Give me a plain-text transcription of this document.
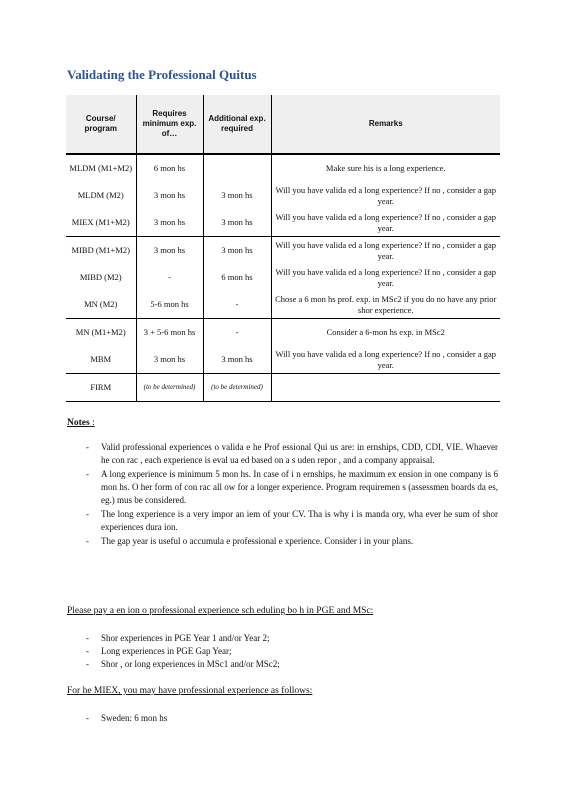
Validating the Professional Quitus
Course/ program	Requires minimum exp. of…	Additional exp. required	Remarks
MLDM (M1+M2)	6 mon hs		Make sure his is a long experience.
MLDM (M2)	3 mon hs	3 mon hs	Will you have valida ed a long experience? If no , consider a gap year.
MIEX (M1+M2)	3 mon hs	3 mon hs	Will you have valida ed a long experience? If no , consider a gap year.
MIBD (M1+M2)	3 mon hs	3 mon hs	Will you have valida ed a long experience? If no , consider a gap year.
MIBD (M2)	-	6 mon hs	Will you have valida ed a long experience? If no , consider a gap year.
MN (M2)	5-6 mon hs	-	Chose a 6 mon hs prof. exp. in MSc2 if you do no have any prior shor experience.
MN (M1+M2)	3 + 5-6 mon hs	-	Consider a 6-mon hs exp. in MSc2
MBM	3 mon hs	3 mon hs	Will you have valida ed a long experience? If no , consider a gap year.
FIRM	(to be determined)	(to be determined)	
Notes :
- Valid professional experiences o valida e he Prof essional Qui us are: in ernships, CDD, CDI, VIE. Whaever he con rac , each experience is eval ua ed based on a s uden repor , and a company appraisal.
- A long experience is minimum 5 mon hs. In case of i n ernships, he maximum ex ension in one company is 6 mon hs. O her form of con rac all ow for a longer experience. Program requiremen s (assessmen boards da es, eg.) mus be considered.
- The long experience is a very impor an iem of your CV. Tha is why i is manda ory, wha ever he sum of shor experiences dura ion.
- The gap year is useful o accumula e professional e xperience. Consider i in your plans.
Please pay a en ion o professional experience sch eduling bo h in PGE and MSc:
- Shor experiences in PGE Year 1 and/or Year 2;
- Long experiences in PGE Gap Year;
- Shor , or long experiences in MSc1 and/or MSc2;
For he MIEX, you may have professional experience as follows:
- Sweden: 6 mon hs
